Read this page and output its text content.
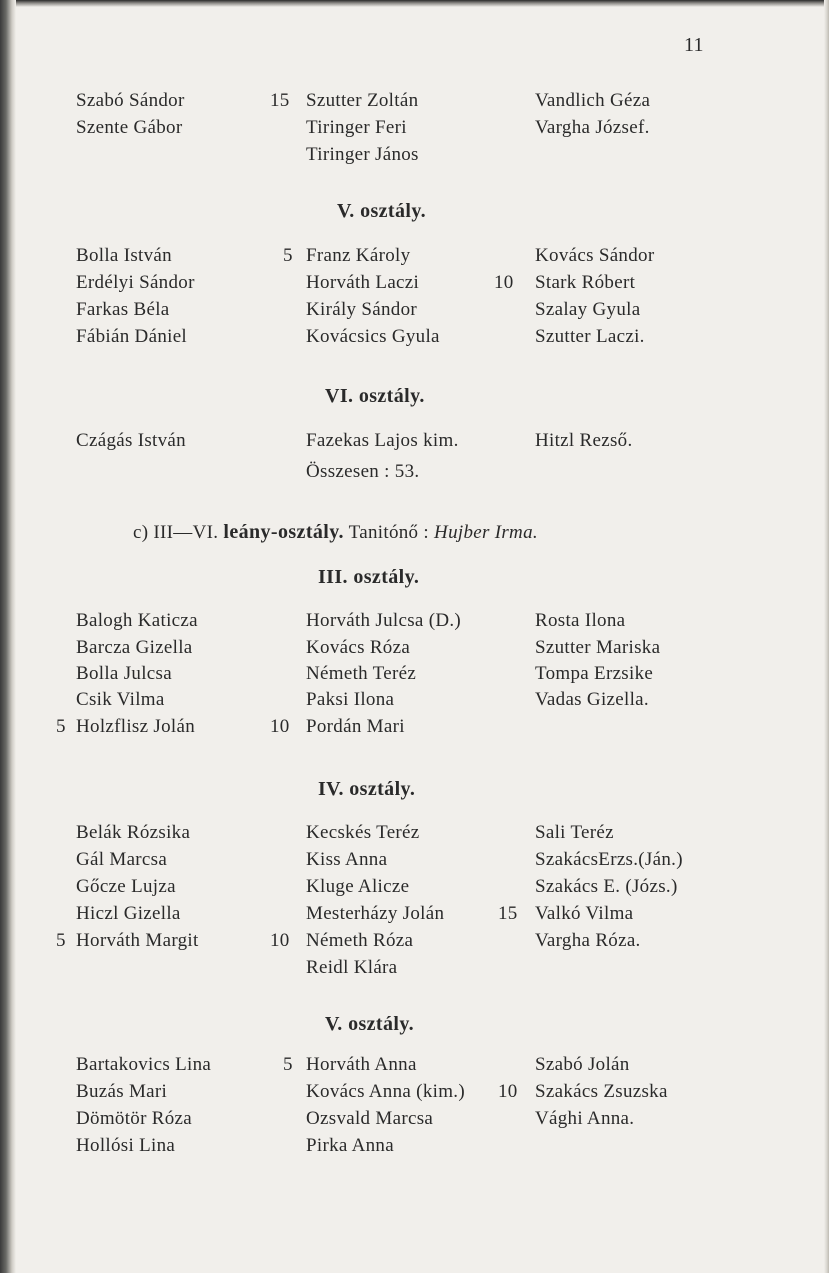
11
Szabó Sándor
Szente Gábor
15 Szutter Zoltán
Tiringer Feri
Tiringer János
Vandlich Géza
Vargha József.
V. osztály.
Bolla István
Erdélyi Sándor
Farkas Béla
Fábián Dániel
5 Franz Károly
Horváth Laczi
Király Sándor
Kovácsics Gyula
10
Kovács Sándor
Stark Róbert
Szalay Gyula
Szutter Laczi.
VI. osztály.
Czágás István	Fazekas Lajos kim.	Hitzl Rezső.
Összesen : 53.
c) III—VI. leány-osztály. Tanitónő : Hujber Irma.
III. osztály.
Balogh Katicza
Barcza Gizella
Bolla Julcsa
Csik Vilma
5 Holzflisz Jolán
Horváth Julcsa (D.)
Kovács Róza
Németh Teréz
Paksi Ilona
10 Pordán Mari
Rosta Ilona
Szutter Mariska
Tompa Erzsike
Vadas Gizella.
IV. osztály.
Belák Rózsika
Gál Marcsa
Gőcze Lujza
Hiczl Gizella
5 Horváth Margit
Kecskés Teréz
Kiss Anna
Kluge Alicze
Mesterházy Jolán
10 Németh Róza
Reidl Klára
Sali Teréz
SzakácsErzs.(Ján.)
Szakács E. (Józs.)
15 Valkó Vilma
Vargha Róza.
V. osztály.
Bartakovics Lina
Buzás Mari
Dömötör Róza
Hollósi Lina
5 Horváth Anna
Kovács Anna (kim.)
Ozsvald Marcsa
Pirka Anna
10
Szabó Jolán
Szakács Zsuzska
Vághi Anna.
